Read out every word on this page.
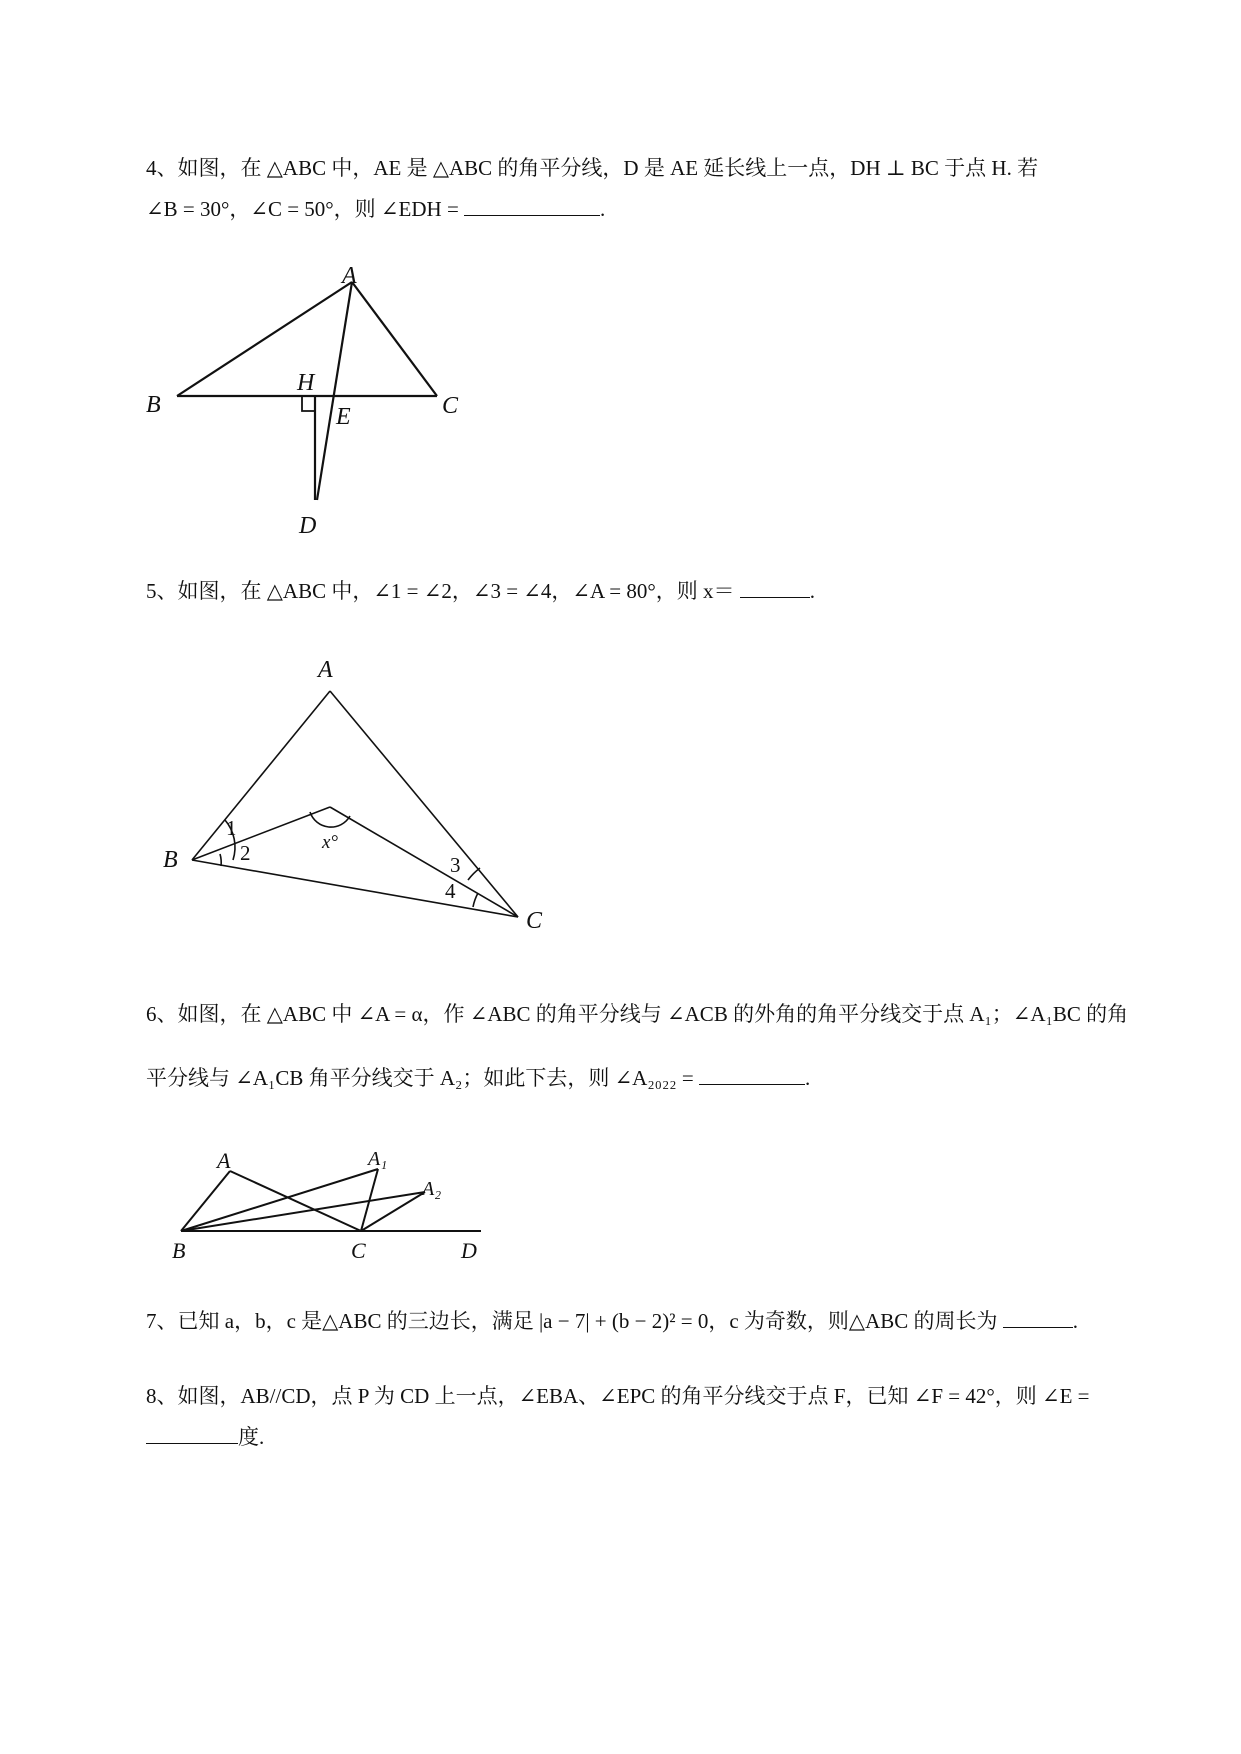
4、如图，在 △ABC 中，AE 是 △ABC 的角平分线，D 是 AE 延长线上一点，DH ⊥ BC 于点 H. 若
∠B = 30°，∠C = 50°，则 ∠EDH =	.
A
B	C
D
E
H
5、如图，在 △ABC 中，∠1 = ∠2，∠3 = ∠4，∠A = 80°，则 x＝	.
A
B
C
1
2	3
4
x°
6、如图，在 △ABC 中 ∠A = α，作 ∠ABC 的角平分线与 ∠ACB 的外角的角平分线交于点 A₁；∠A₁BC 的角
平分线与 ∠A₁CB 角平分线交于 A₂；如此下去，则 ∠A₂₀₂₂ =	.
A	A₁
A₂
B	C	D
7、已知 a，b，c 是△ABC 的三边长，满足 |a − 7| + (b − 2)² = 0，c 为奇数，则△ABC 的周长为	.
8、如图，AB//CD，点 P 为 CD 上一点，∠EBA、∠EPC 的角平分线交于点 F，已知 ∠F = 42°，则 ∠E =
度.
